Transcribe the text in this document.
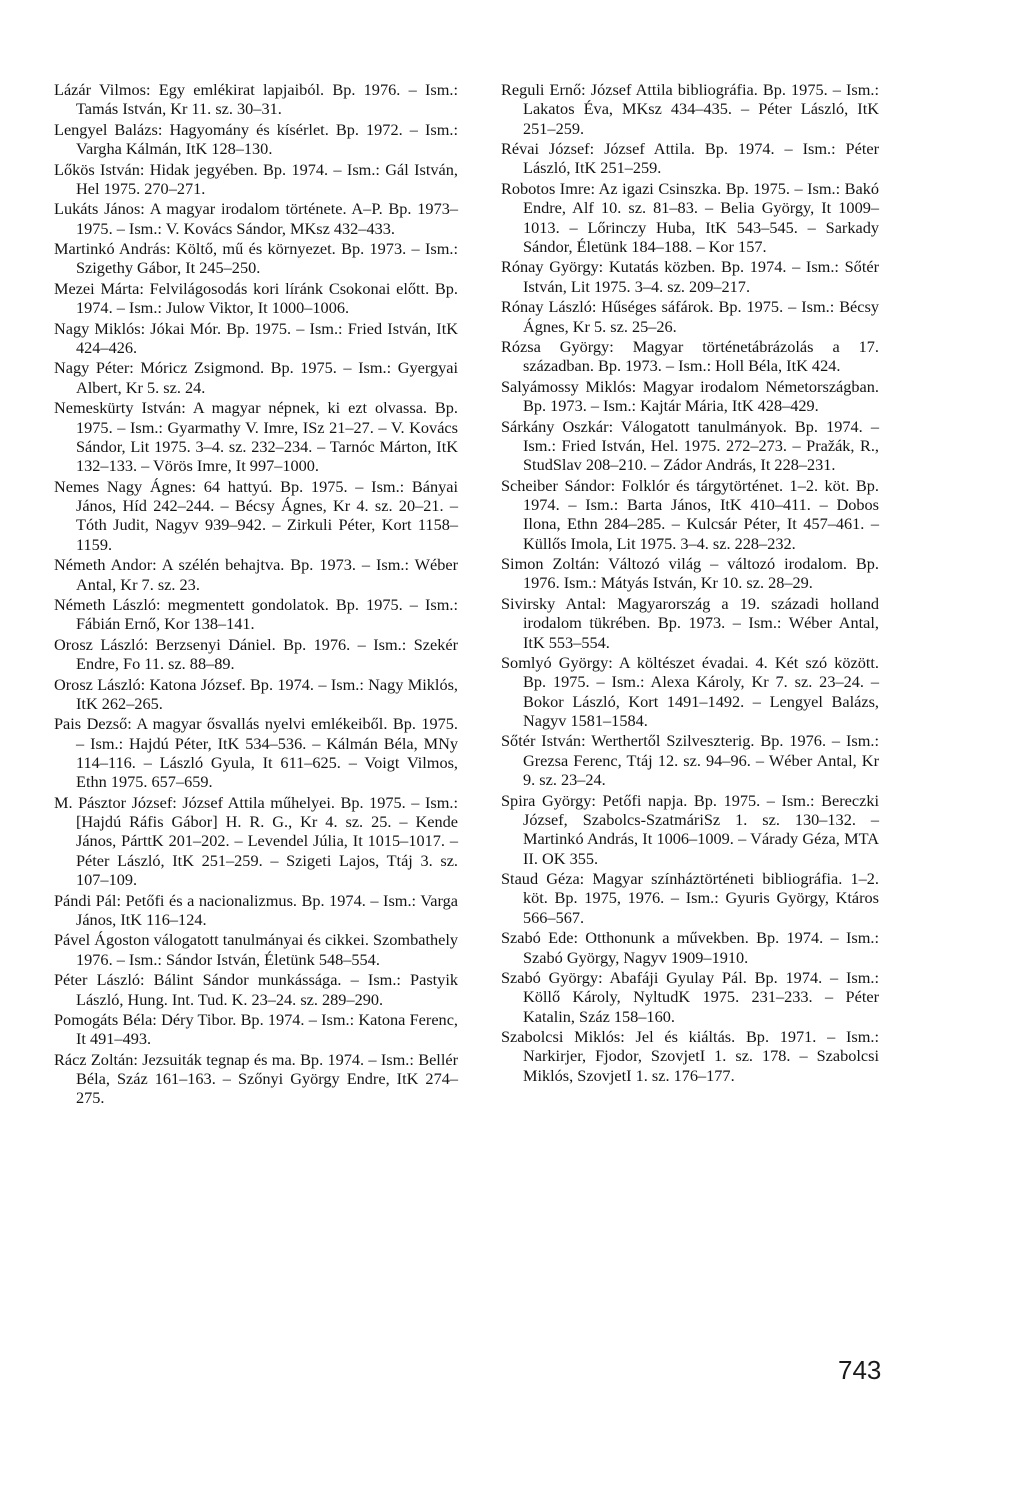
Lázár Vilmos: Egy emlékirat lapjaiból. Bp. 1976. – Ism.: Tamás István, Kr 11. sz. 30–31.

Lengyel Balázs: Hagyomány és kísérlet. Bp. 1972. – Ism.: Vargha Kálmán, ItK 128–130.

Lőkös István: Hidak jegyében. Bp. 1974. – Ism.: Gál István, Hel 1975. 270–271.

Lukáts János: A magyar irodalom története. A–P. Bp. 1973–1975. – Ism.: V. Kovács Sándor, MKsz 432–433.

Martinkó András: Költő, mű és környezet. Bp. 1973. – Ism.: Szigethy Gábor, It 245–250.

Mezei Márta: Felvilágosodás kori líránk Csokonai előtt. Bp. 1974. – Ism.: Julow Viktor, It 1000–1006.

Nagy Miklós: Jókai Mór. Bp. 1975. – Ism.: Fried István, ItK 424–426.

Nagy Péter: Móricz Zsigmond. Bp. 1975. – Ism.: Gyergyai Albert, Kr 5. sz. 24.

Nemeskürty István: A magyar népnek, ki ezt olvassa. Bp. 1975. – Ism.: Gyarmathy V. Imre, ISz 21–27. – V. Kovács Sándor, Lit 1975. 3–4. sz. 232–234. – Tarnóc Márton, ItK 132–133. – Vörös Imre, It 997–1000.

Nemes Nagy Ágnes: 64 hattyú. Bp. 1975. – Ism.: Bányai János, Híd 242–244. – Bécsy Ágnes, Kr 4. sz. 20–21. – Tóth Judit, Nagyv 939–942. – Zirkuli Péter, Kort 1158–1159.

Németh Andor: A szélén behajtva. Bp. 1973. – Ism.: Wéber Antal, Kr 7. sz. 23.

Németh László: megmentett gondolatok. Bp. 1975. – Ism.: Fábián Ernő, Kor 138–141.

Orosz László: Berzsenyi Dániel. Bp. 1976. – Ism.: Szekér Endre, Fo 11. sz. 88–89.

Orosz László: Katona József. Bp. 1974. – Ism.: Nagy Miklós, ItK 262–265.

Pais Dezső: A magyar ősvallás nyelvi emlékeiből. Bp. 1975. – Ism.: Hajdú Péter, ItK 534–536. – Kálmán Béla, MNy 114–116. – László Gyula, It 611–625. – Voigt Vilmos, Ethn 1975. 657–659.

M. Pásztor József: József Attila műhelyei. Bp. 1975. – Ism.: [Hajdú Ráfis Gábor] H. R. G., Kr 4. sz. 25. – Kende János, PárttK 201–202. – Levendel Júlia, It 1015–1017. – Péter László, ItK 251–259. – Szigeti Lajos, Ttáj 3. sz. 107–109.

Pándi Pál: Petőfi és a nacionalizmus. Bp. 1974. – Ism.: Varga János, ItK 116–124.

Pável Ágoston válogatott tanulmányai és cikkei. Szombathely 1976. – Ism.: Sándor István, Életünk 548–554.

Péter László: Bálint Sándor munkássága. – Ism.: Pastyik László, Hung. Int. Tud. K. 23–24. sz. 289–290.

Pomogáts Béla: Déry Tibor. Bp. 1974. – Ism.: Katona Ferenc, It 491–493.

Rácz Zoltán: Jezsuiták tegnap és ma. Bp. 1974. – Ism.: Bellér Béla, Száz 161–163. – Szőnyi György Endre, ItK 274–275.

Reguli Ernő: József Attila bibliográfia. Bp. 1975. – Ism.: Lakatos Éva, MKsz 434–435. – Péter László, ItK 251–259.

Révai József: József Attila. Bp. 1974. – Ism.: Péter László, ItK 251–259.

Robotos Imre: Az igazi Csinszka. Bp. 1975. – Ism.: Bakó Endre, Alf 10. sz. 81–83. – Belia György, It 1009–1013. – Lőrinczy Huba, ItK 543–545. – Sarkady Sándor, Életünk 184–188. – Kor 157.

Rónay György: Kutatás közben. Bp. 1974. – Ism.: Sőtér István, Lit 1975. 3–4. sz. 209–217.

Rónay László: Hűséges sáfárok. Bp. 1975. – Ism.: Bécsy Ágnes, Kr 5. sz. 25–26.

Rózsa György: Magyar történetábrázolás a 17. században. Bp. 1973. – Ism.: Holl Béla, ItK 424.

Salyámossy Miklós: Magyar irodalom Németországban. Bp. 1973. – Ism.: Kajtár Mária, ItK 428–429.

Sárkány Oszkár: Válogatott tanulmányok. Bp. 1974. – Ism.: Fried István, Hel. 1975. 272–273. – Pražák, R., StudSlav 208–210. – Zádor András, It 228–231.

Scheiber Sándor: Folklór és tárgytörténet. 1–2. köt. Bp. 1974. – Ism.: Barta János, ItK 410–411. – Dobos Ilona, Ethn 284–285. – Kulcsár Péter, It 457–461. – Küllős Imola, Lit 1975. 3–4. sz. 228–232.

Simon Zoltán: Változó világ – változó irodalom. Bp. 1976. Ism.: Mátyás István, Kr 10. sz. 28–29.

Sivirsky Antal: Magyarország a 19. századi holland irodalom tükrében. Bp. 1973. – Ism.: Wéber Antal, ItK 553–554.

Somlyó György: A költészet évadai. 4. Két szó között. Bp. 1975. – Ism.: Alexa Károly, Kr 7. sz. 23–24. – Bokor László, Kort 1491–1492. – Lengyel Balázs, Nagyv 1581–1584.

Sőtér István: Werthertől Szilveszterig. Bp. 1976. – Ism.: Grezsa Ferenc, Ttáj 12. sz. 94–96. – Wéber Antal, Kr 9. sz. 23–24.

Spira György: Petőfi napja. Bp. 1975. – Ism.: Bereczki József, Szabolcs-SzatmáriSz 1. sz. 130–132. – Martinkó András, It 1006–1009. – Várady Géza, MTA II. OK 355.

Staud Géza: Magyar színháztörténeti bibliográfia. 1–2. köt. Bp. 1975, 1976. – Ism.: Gyuris György, Ktáros 566–567.

Szabó Ede: Otthonunk a művekben. Bp. 1974. – Ism.: Szabó György, Nagyv 1909–1910.

Szabó György: Abafáji Gyulay Pál. Bp. 1974. – Ism.: Köllő Károly, NyltudK 1975. 231–233. – Péter Katalin, Száz 158–160.

Szabolcsi Miklós: Jel és kiáltás. Bp. 1971. – Ism.: Narkirjer, Fjodor, SzovjetI 1. sz. 178. – Szabolcsi Miklós, SzovjetI 1. sz. 176–177.

743
